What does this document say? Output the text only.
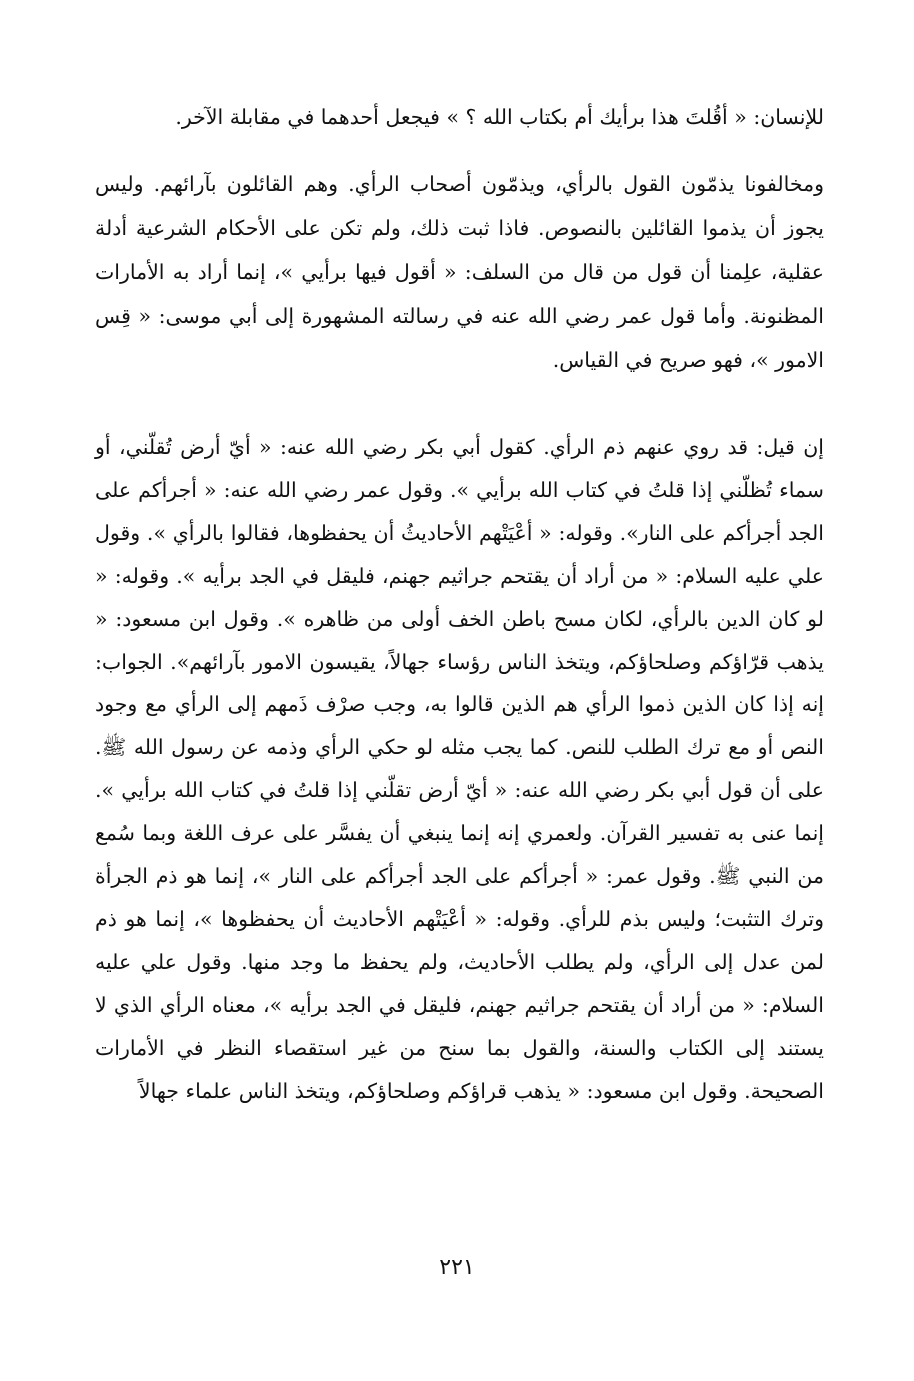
للإنسان: « أقُلتَ هذا برأيك أم بكتاب الله ؟ » فيجعل أحدهما في مقابلة الآخر.

ومخالفونا يذمّون القول بالرأي، ويذمّون أصحاب الرأي. وهم القائلون بآرائهم. وليس يجوز أن يذموا القائلين بالنصوص. فاذا ثبت ذلك، ولم تكن على الأحكام الشرعية أدلة عقلية، علِمنا أن قول من قال من السلف: « أقول فيها برأيي »، إنما أراد به الأمارات المظنونة. وأما قول عمر رضي الله عنه في رسالته المشهورة إلى أبي موسى: « قِس الامور »، فهو صريح في القياس.

إن قيل: قد روي عنهم ذم الرأي. كقول أبي بكر رضي الله عنه: « أيّ أرض تُقلّني، أو سماء تُظلّني إذا قلتُ في كتاب الله برأيي ». وقول عمر رضي الله عنه: « أجرأكم على الجد أجرأكم على النار». وقوله: « أعْيَتْهم الأحاديثُ أن يحفظوها، فقالوا بالرأي ». وقول علي عليه السلام: « من أراد أن يقتحم جراثيم جهنم، فليقل في الجد برأيه ». وقوله: « لو كان الدين بالرأي، لكان مسح باطن الخف أولى من ظاهره ». وقول ابن مسعود: « يذهب قرّاؤكم وصلحاؤكم، ويتخذ الناس رؤساء جهالاً، يقيسون الامور بآرائهم». الجواب: إنه إذا كان الذين ذموا الرأي هم الذين قالوا به، وجب صرْف ذَمهم إلى الرأي مع وجود النص أو مع ترك الطلب للنص. كما يجب مثله لو حكي الرأي وذمه عن رسول الله ﷺ. على أن قول أبي بكر رضي الله عنه: « أيّ أرض تقلّني إذا قلتُ في كتاب الله برأيي ». إنما عنى به تفسير القرآن. ولعمري إنه إنما ينبغي أن يفسَّر على عرف اللغة وبما سُمع من النبي ﷺ. وقول عمر: « أجرأكم على الجد أجرأكم على النار »، إنما هو ذم الجرأة وترك التثبت؛ وليس بذم للرأي. وقوله: « أعْيَتْهم الأحاديث أن يحفظوها »، إنما هو ذم لمن عدل إلى الرأي، ولم يطلب الأحاديث، ولم يحفظ ما وجد منها. وقول علي عليه السلام: « من أراد أن يقتحم جراثيم جهنم، فليقل في الجد برأيه »، معناه الرأي الذي لا يستند إلى الكتاب والسنة، والقول بما سنح من غير استقصاء النظر في الأمارات الصحيحة. وقول ابن مسعود: « يذهب قراؤكم وصلحاؤكم، ويتخذ الناس علماء جهالاً

٢٢١
